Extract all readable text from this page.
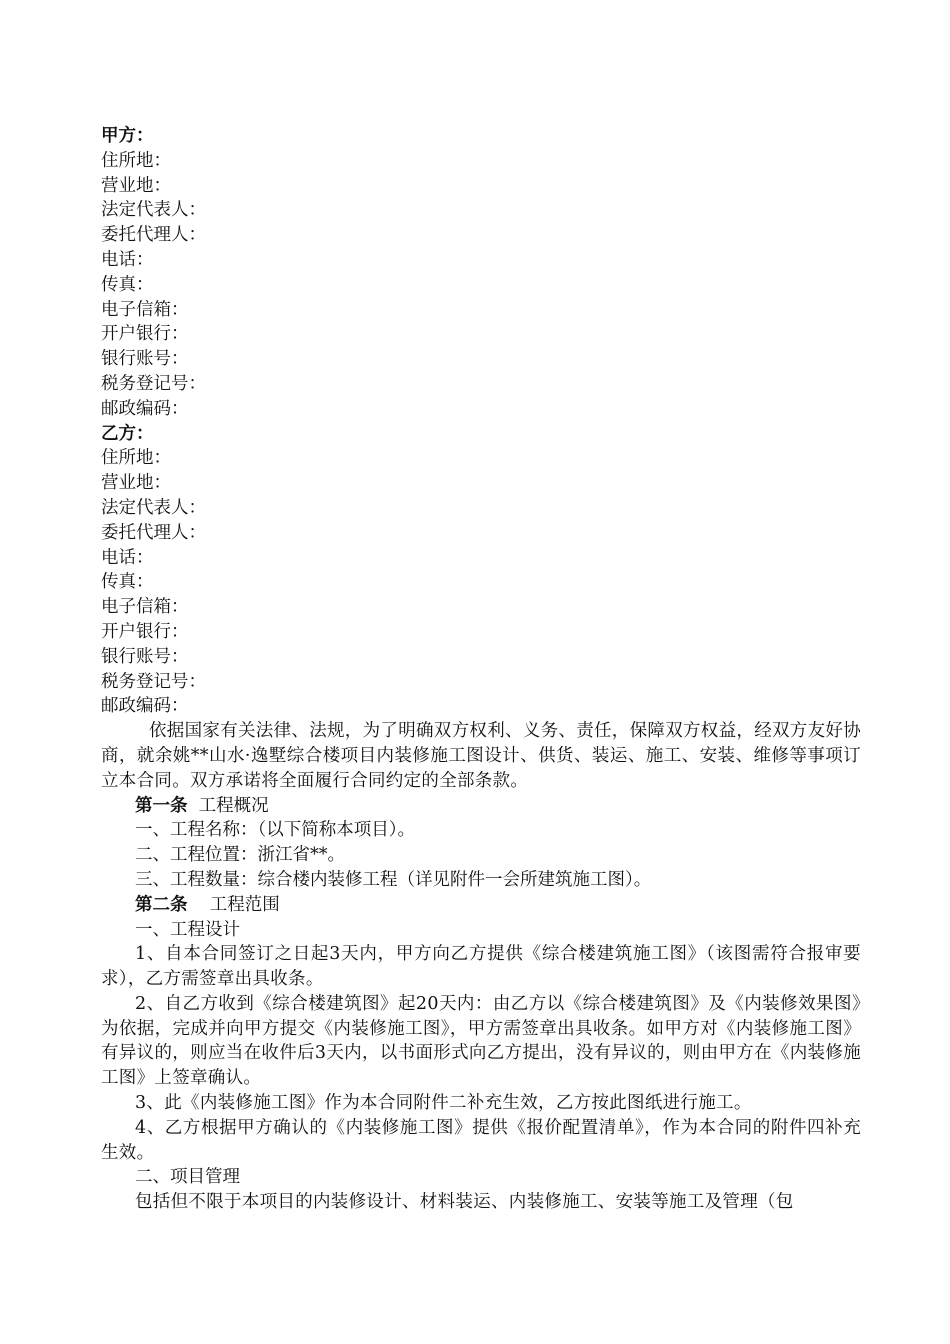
甲方：
住所地：
营业地：
法定代表人：
委托代理人：
电话：
传真：
电子信箱：
开户银行：
银行账号：
税务登记号：
邮政编码：
乙方：
住所地：
营业地：
法定代表人：
委托代理人：
电话：
传真：
电子信箱：
开户银行：
银行账号：
税务登记号：
邮政编码：
依据国家有关法律、法规，为了明确双方权利、义务、责任，保障双方权益，经双方友好协商，就余姚**山水·逸墅综合楼项目内装修施工图设计、供货、装运、施工、安装、维修等事项订立本合同。双方承诺将全面履行合同约定的全部条款。
第一条 工程概况
一、工程名称：（以下简称本项目）。
二、工程位置：浙江省**。
三、工程数量：综合楼内装修工程（详见附件一会所建筑施工图）。
第二条 工程范围
一、工程设计
1、自本合同签订之日起3天内，甲方向乙方提供《综合楼建筑施工图》（该图需符合报审要求），乙方需签章出具收条。
2、自乙方收到《综合楼建筑图》起20天内：由乙方以《综合楼建筑图》及《内装修效果图》为依据，完成并向甲方提交《内装修施工图》，甲方需签章出具收条。如甲方对《内装修施工图》有异议的，则应当在收件后3天内，以书面形式向乙方提出，没有异议的，则由甲方在《内装修施工图》上签章确认。
3、此《内装修施工图》作为本合同附件二补充生效，乙方按此图纸进行施工。
4、乙方根据甲方确认的《内装修施工图》提供《报价配置清单》，作为本合同的附件四补充生效。
二、项目管理
包括但不限于本项目的内装修设计、材料装运、内装修施工、安装等施工及管理（包
